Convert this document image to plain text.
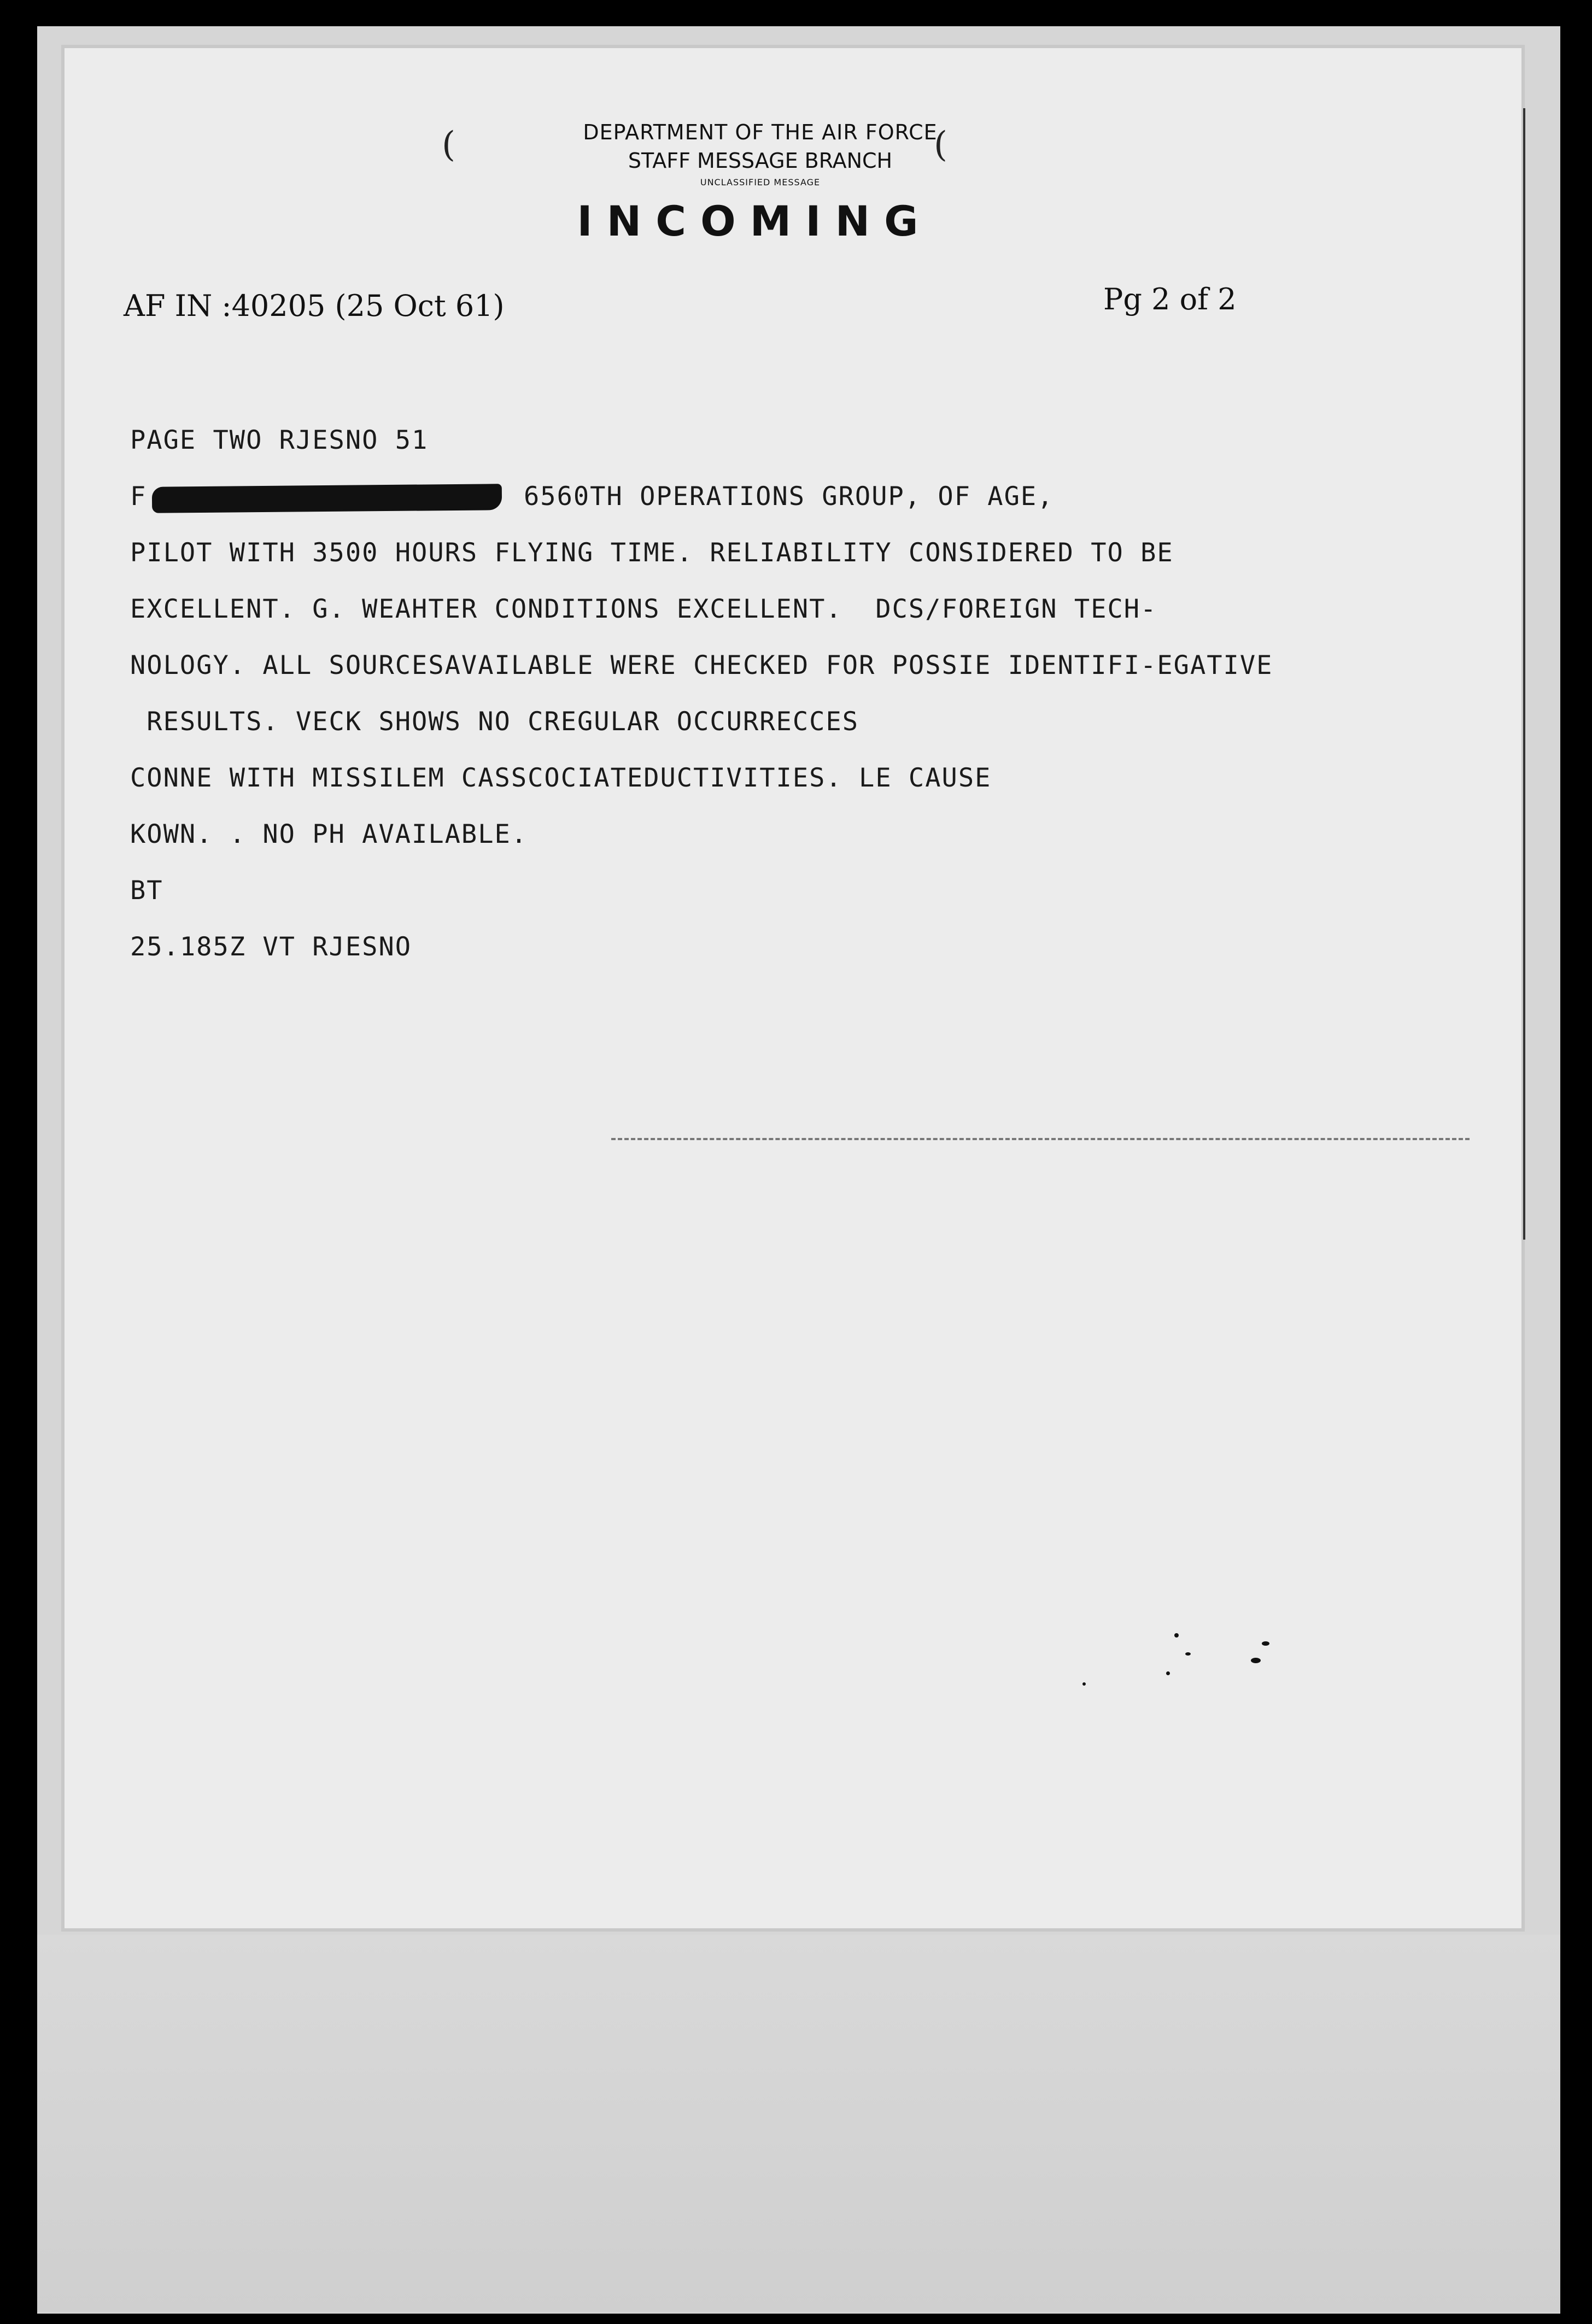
(	(
DEPARTMENT OF THE AIR FORCE
STAFF MESSAGE BRANCH
UNCLASSIFIED MESSAGE
INCOMING
AF IN :40205 (25 Oct 61)	Pg 2 of 2
PAGE TWO RJESNO 51
F	6560TH OPERATIONS GROUP, OF AGE,
PILOT WITH 3500 HOURS FLYING TIME. RELIABILITY CONSIDERED TO BE
EXCELLENT. G. WEAHTER CONDITIONS EXCELLENT.  DCS/FOREIGN TECH-
NOLOGY. ALL SOURCESAVAILABLE WERE CHECKED FOR POSSIE IDENTIFI-EGATIVE
RESULTS. VECK SHOWS NO CREGULAR OCCURRECCES
CONNE WITH MISSILEM CASSCOCIATEDUCTIVITIES. LE CAUSE
KOWN. . NO PH AVAILABLE.
BT
25.185Z VT RJESNO
